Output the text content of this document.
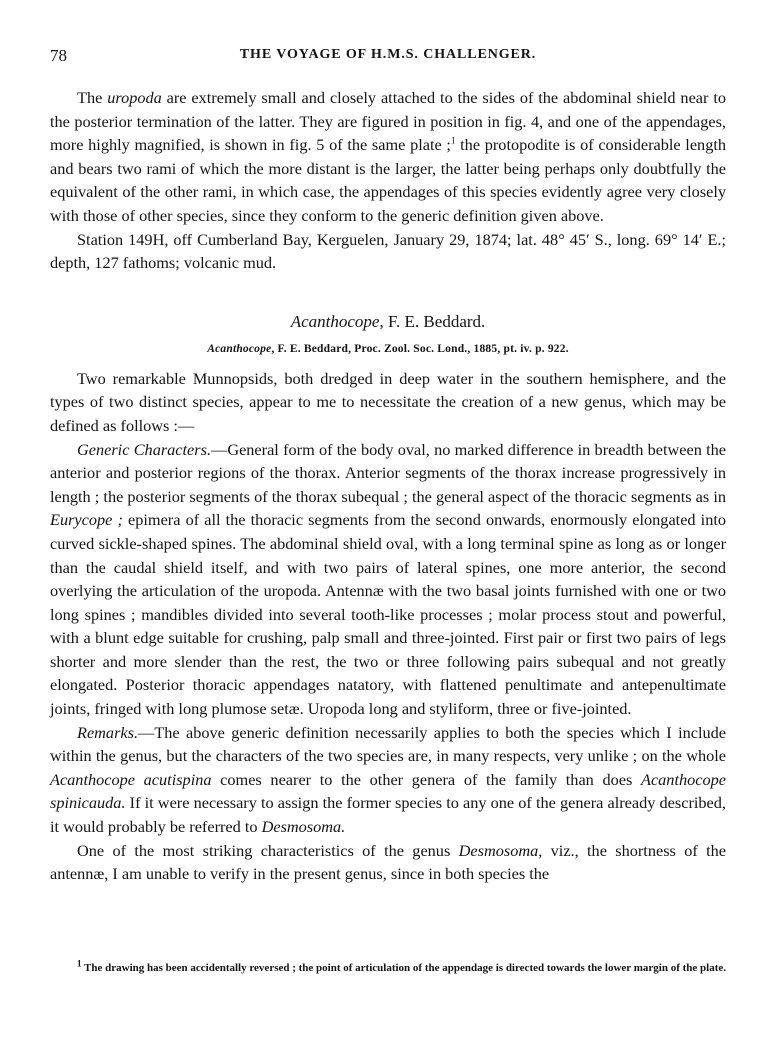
78	THE VOYAGE OF H.M.S. CHALLENGER.

The uropoda are extremely small and closely attached to the sides of the abdominal shield near to the posterior termination of the latter. They are figured in position in fig. 4, and one of the appendages, more highly magnified, is shown in fig. 5 of the same plate ;$^1$ the protopodite is of considerable length and bears two rami of which the more distant is the larger, the latter being perhaps only doubtfully the equivalent of the other rami, in which case, the appendages of this species evidently agree very closely with those of other species, since they conform to the generic definition given above.

Station 149H, off Cumberland Bay, Kerguelen, January 29, 1874; lat. 48° 45′ S., long. 69° 14′ E.; depth, 127 fathoms; volcanic mud.

Acanthocope, F. E. Beddard.

Acanthocope, F. E. Beddard, Proc. Zool. Soc. Lond., 1885, pt. iv. p. 922.

Two remarkable Munnopsids, both dredged in deep water in the southern hemisphere, and the types of two distinct species, appear to me to necessitate the creation of a new genus, which may be defined as follows :—

Generic Characters.—General form of the body oval, no marked difference in breadth between the anterior and posterior regions of the thorax. Anterior segments of the thorax increase progressively in length ; the posterior segments of the thorax subequal ; the general aspect of the thoracic segments as in Eurycope ; epimera of all the thoracic segments from the second onwards, enormously elongated into curved sickle-shaped spines. The abdominal shield oval, with a long terminal spine as long as or longer than the caudal shield itself, and with two pairs of lateral spines, one more anterior, the second overlying the articulation of the uropoda. Antennæ with the two basal joints furnished with one or two long spines ; mandibles divided into several tooth-like processes ; molar process stout and powerful, with a blunt edge suitable for crushing, palp small and three-jointed. First pair or first two pairs of legs shorter and more slender than the rest, the two or three following pairs subequal and not greatly elongated. Posterior thoracic appendages natatory, with flattened penultimate and antepenultimate joints, fringed with long plumose setæ. Uropoda long and styliform, three or five-jointed.

Remarks.—The above generic definition necessarily applies to both the species which I include within the genus, but the characters of the two species are, in many respects, very unlike ; on the whole Acanthocope acutispina comes nearer to the other genera of the family than does Acanthocope spinicauda. If it were necessary to assign the former species to any one of the genera already described, it would probably be referred to Desmosoma.

One of the most striking characteristics of the genus Desmosoma, viz., the shortness of the antennæ, I am unable to verify in the present genus, since in both species the

$^1$ The drawing has been accidentally reversed ; the point of articulation of the appendage is directed towards the lower margin of the plate.
